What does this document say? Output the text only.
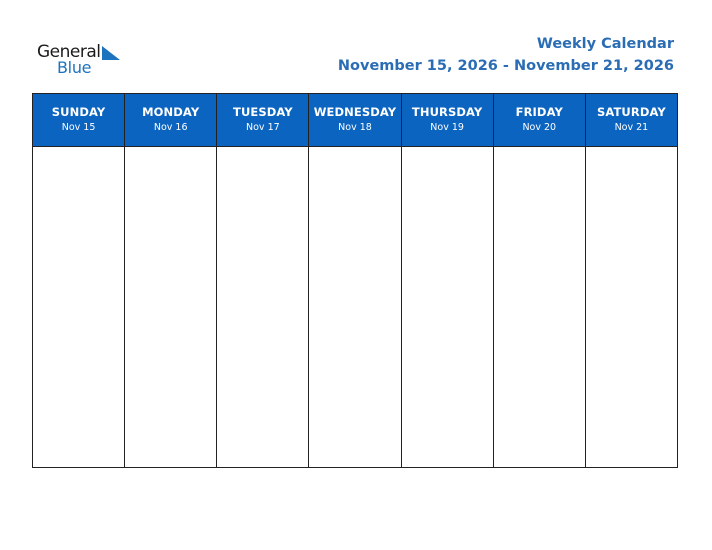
General
Blue
Weekly Calendar
November 15, 2026 - November 21, 2026
SUNDAY
Nov 15
MONDAY
Nov 16
TUESDAY
Nov 17
WEDNESDAY
Nov 18
THURSDAY
Nov 19
FRIDAY
Nov 20
SATURDAY
Nov 21
